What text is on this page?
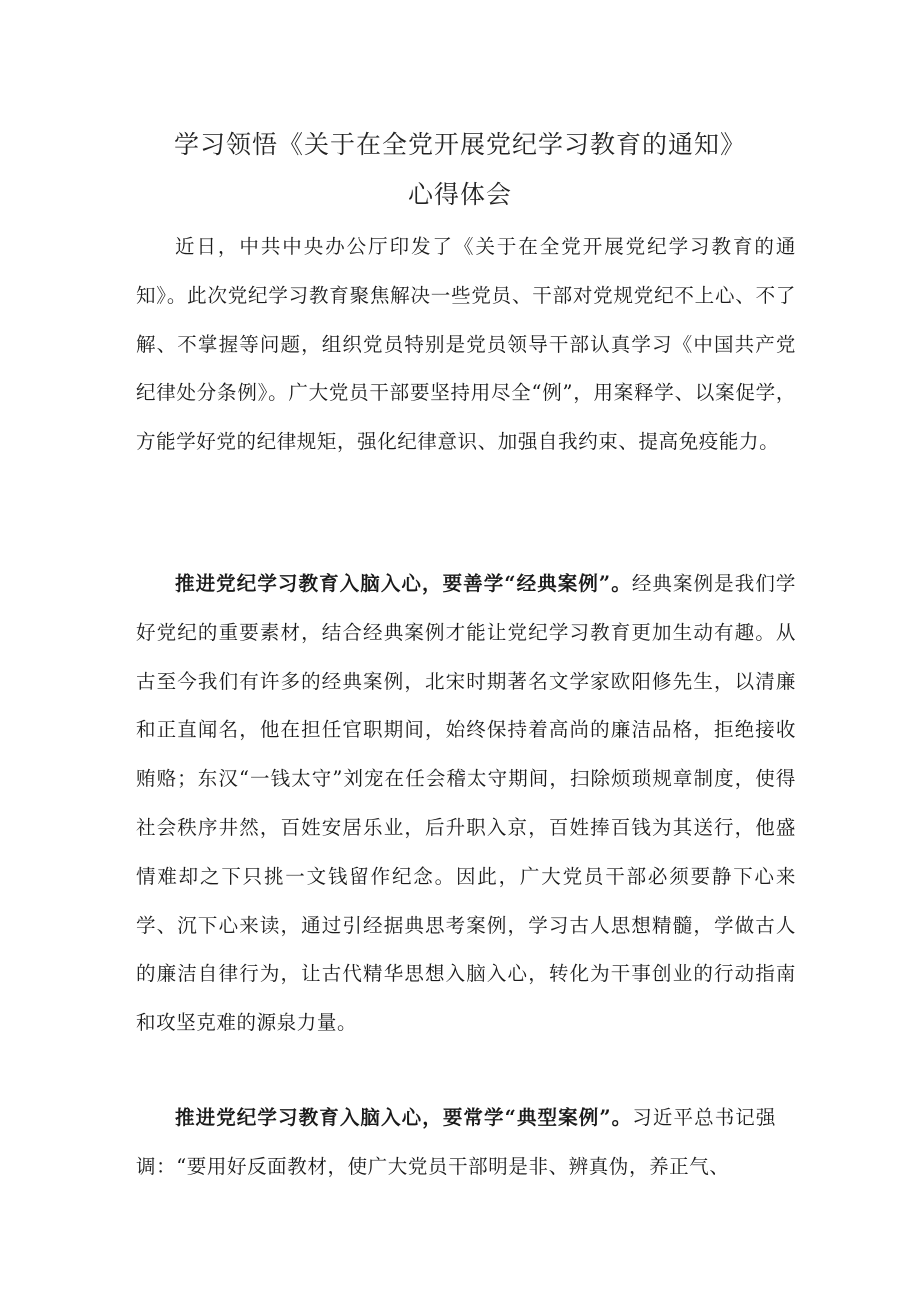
学习领悟《关于在全党开展党纪学习教育的通知》
心得体会

近日，中共中央办公厅印发了《关于在全党开展党纪学习教育的通知》。此次党纪学习教育聚焦解决一些党员、干部对党规党纪不上心、不了解、不掌握等问题，组织党员特别是党员领导干部认真学习《中国共产党纪律处分条例》。广大党员干部要坚持用尽全“例”，用案释学、以案促学，方能学好党的纪律规矩，强化纪律意识、加强自我约束、提高免疫能力。

推进党纪学习教育入脑入心，要善学“经典案例”。经典案例是我们学好党纪的重要素材，结合经典案例才能让党纪学习教育更加生动有趣。从古至今我们有许多的经典案例，北宋时期著名文学家欧阳修先生，以清廉和正直闻名，他在担任官职期间，始终保持着高尚的廉洁品格，拒绝接收贿赂；东汉“一钱太守”刘宠在任会稽太守期间，扫除烦琐规章制度，使得社会秩序井然，百姓安居乐业，后升职入京，百姓捧百钱为其送行，他盛情难却之下只挑一文钱留作纪念。因此，广大党员干部必须要静下心来学、沉下心来读，通过引经据典思考案例，学习古人思想精髓，学做古人的廉洁自律行为，让古代精华思想入脑入心，转化为干事创业的行动指南和攻坚克难的源泉力量。

推进党纪学习教育入脑入心，要常学“典型案例”。习近平总书记强调：“要用好反面教材，使广大党员干部明是非、辨真伪，养正气、
